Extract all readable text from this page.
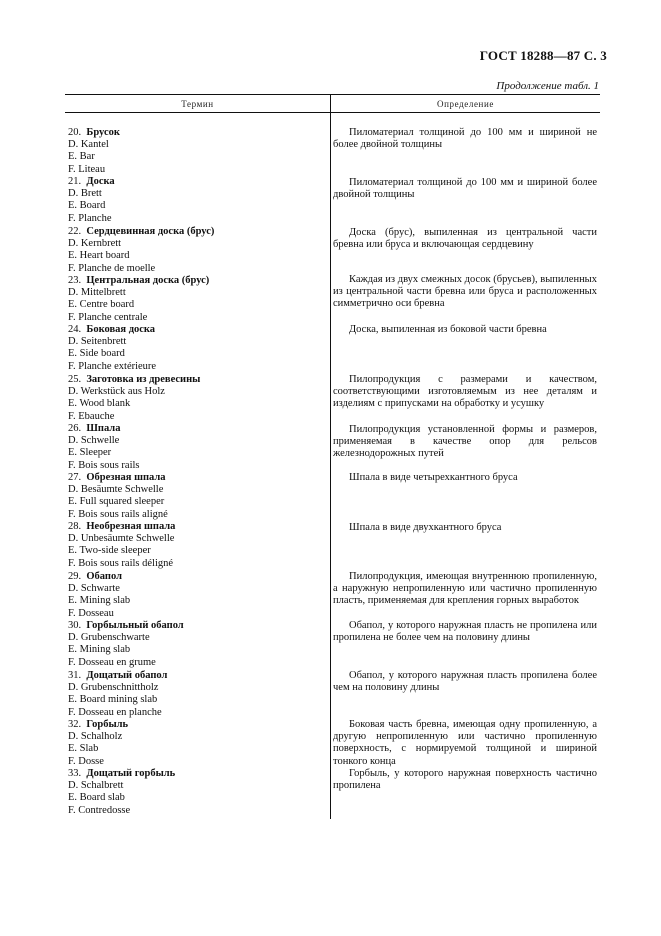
ГОСТ 18288—87 С. 3
Продолжение табл. 1
Термин	Определение
20. Брусок
D. Kantel
E. Bar
F. Liteau
Пиломатериал толщиной до 100 мм и шириной не более двойной толщины
21. Доска
D. Brett
E. Board
F. Planche
Пиломатериал толщиной до 100 мм и шириной более двойной толщины
22. Сердцевинная доска (брус)
D. Kernbrett
E. Heart board
F. Planche de moelle
Доска (брус), выпиленная из центральной части бревна или бруса и включающая сердцевину
23. Центральная доска (брус)
D. Mittelbrett
E. Centre board
F. Planche centrale
Каждая из двух смежных досок (брусьев), выпиленных из центральной части бревна или бруса и расположенных симметрично оси бревна
24. Боковая доска
D. Seitenbrett
E. Side board
F. Planche extérieure
Доска, выпиленная из боковой части бревна
25. Заготовка из древесины
D. Werkstück aus Holz
E. Wood blank
F. Ebauche
Пилопродукция с размерами и качеством, соответствующими изготовляемым из нее деталям и изделиям с припусками на обработку и усушку
26. Шпала
D. Schwelle
E. Sleeper
F. Bois sous rails
Пилопродукция установленной формы и размеров, применяемая в качестве опор для рельсов железнодорожных путей
27. Обрезная шпала
D. Besäumte Schwelle
E. Full squared sleeper
F. Bois sous rails aligné
Шпала в виде четырехкантного бруса
28. Необрезная шпала
D. Unbesäumte Schwelle
E. Two-side sleeper
F. Bois sous rails déligné
Шпала в виде двухкантного бруса
29. Обапол
D. Schwarte
E. Mining slab
F. Dosseau
Пилопродукция, имеющая внутреннюю пропиленную, а наружную непропиленную или частично пропиленную пласть, применяемая для крепления горных выработок
30. Горбыльный обапол
D. Grubenschwarte
E. Mining slab
F. Dosseau en grume
Обапол, у которого наружная пласть не пропилена или пропилена не более чем на половину длины
31. Дощатый обапол
D. Grubenschnittholz
E. Board mining slab
F. Dosseau en planche
Обапол, у которого наружная пласть пропилена более чем на половину длины
32. Горбыль
D. Schalholz
E. Slab
F. Dosse
Боковая часть бревна, имеющая одну пропиленную, а другую непропиленную или частично пропиленную поверхность, с нормируемой толщиной и шириной тонкого конца
33. Дощатый горбыль
D. Schalbrett
E. Board slab
F. Contredosse
Горбыль, у которого наружная поверхность частично пропилена
